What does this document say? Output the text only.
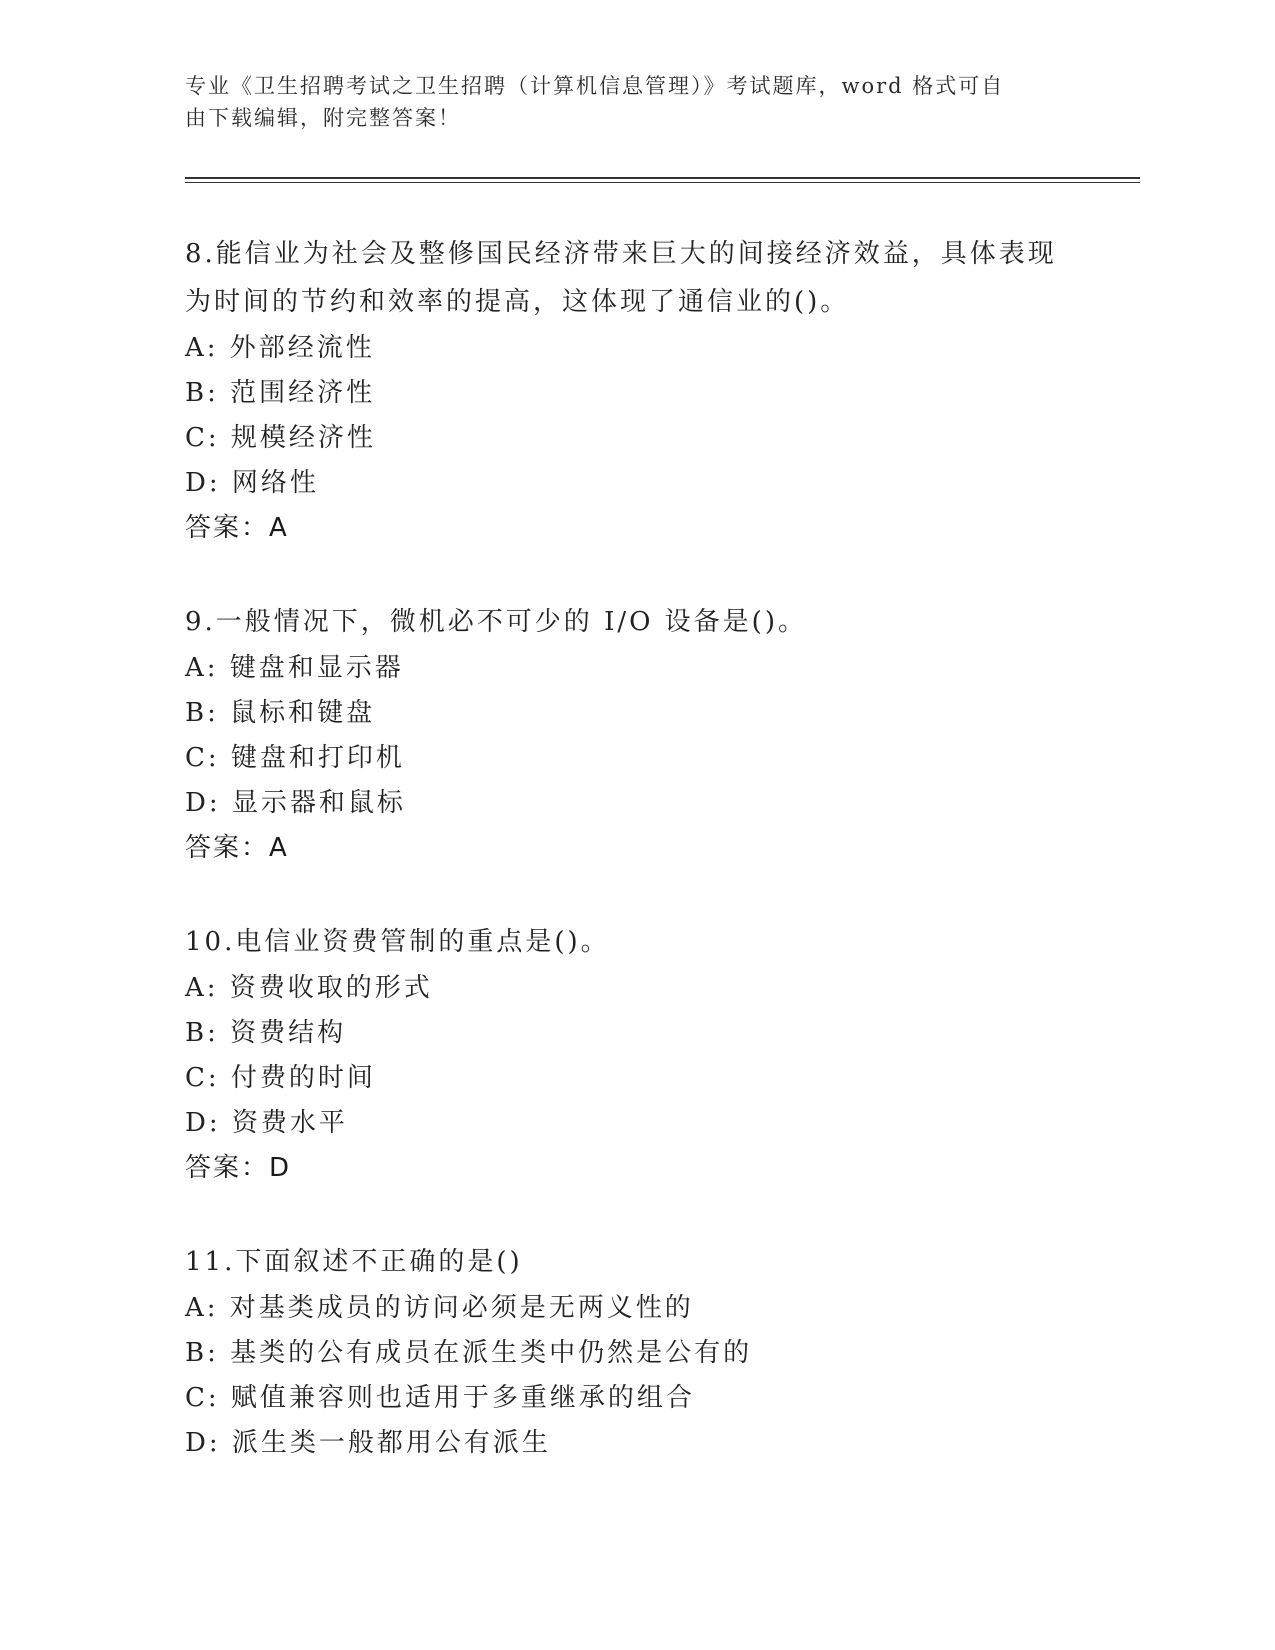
专业《卫生招聘考试之卫生招聘（计算机信息管理）》考试题库，word 格式可自
由下载编辑，附完整答案！

8.能信业为社会及整修国民经济带来巨大的间接经济效益，具体表现

为时间的节约和效率的提高，这体现了通信业的()。

A: 外部经流性

B: 范围经济性

C: 规模经济性

D: 网络性

答案：A

9.一般情况下，微机必不可少的 I/O 设备是()。

A: 键盘和显示器

B: 鼠标和键盘

C: 键盘和打印机

D: 显示器和鼠标

答案：A

10.电信业资费管制的重点是()。

A: 资费收取的形式

B: 资费结构

C: 付费的时间

D: 资费水平

答案：D

11.下面叙述不正确的是()

A: 对基类成员的访问必须是无两义性的

B: 基类的公有成员在派生类中仍然是公有的

C: 赋值兼容则也适用于多重继承的组合

D: 派生类一般都用公有派生
